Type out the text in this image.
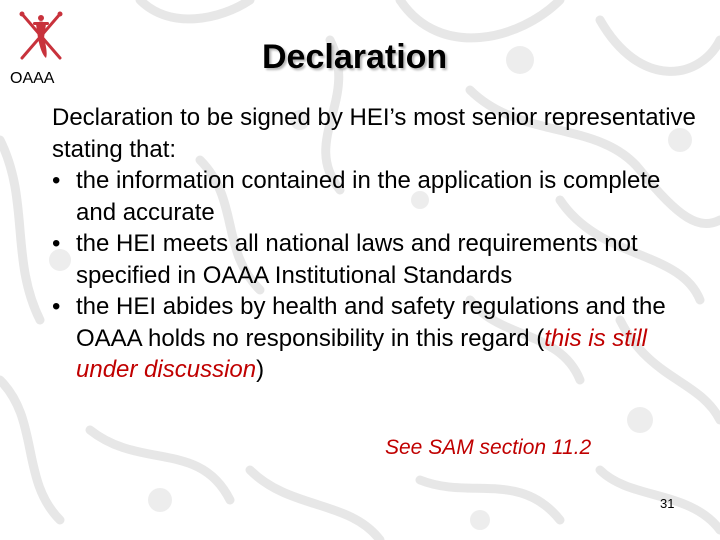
OAAA
Declaration

Declaration to be signed by HEI’s most senior representative stating that:

• the information contained in the application is complete and accurate
• the HEI meets all national laws and requirements not specified in OAAA Institutional Standards
• the HEI abides by health and safety regulations and the OAAA holds no responsibility in this regard (this is still under discussion)
See SAM section 11.2
31
